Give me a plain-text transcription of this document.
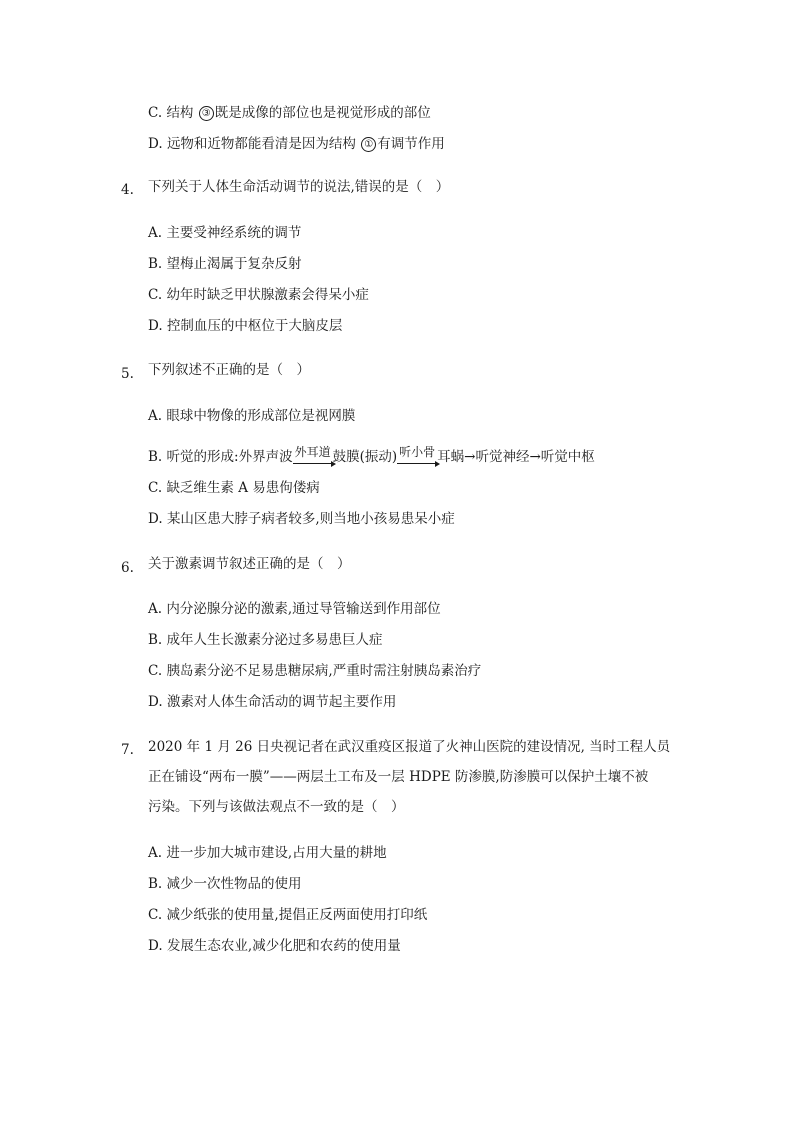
C. 结构 ③ 既是成像的部位也是视觉形成的部位
D. 远物和近物都能看清是因为结构 ① 有调节作用
4. 下列关于人体生命活动调节的说法,错误的是（　）
A. 主要受神经系统的调节
B. 望梅止渴属于复杂反射
C. 幼年时缺乏甲状腺激素会得呆小症
D. 控制血压的中枢位于大脑皮层
5. 下列叙述不正确的是（　）
A. 眼球中物像的形成部位是视网膜
B. 听觉的形成:外界声波 外耳道 鼓膜(振动) 听小骨 耳蜗→听觉神经→听觉中枢
C. 缺乏维生素 A 易患佝偻病
D. 某山区患大脖子病者较多,则当地小孩易患呆小症
6. 关于激素调节叙述正确的是（　）
A. 内分泌腺分泌的激素,通过导管输送到作用部位
B. 成年人生长激素分泌过多易患巨人症
C. 胰岛素分泌不足易患糖尿病,严重时需注射胰岛素治疗
D. 激素对人体生命活动的调节起主要作用
7. 2020 年 1 月 26 日央视记者在武汉重疫区报道了火神山医院的建设情况, 当时工程人员
正在铺设“两布一膜”——两层土工布及一层 HDPE 防渗膜,防渗膜可以保护土壤不被
污染。下列与该做法观点不一致的是（　）
A. 进一步加大城市建设,占用大量的耕地
B. 减少一次性物品的使用
C. 减少纸张的使用量,提倡正反两面使用打印纸
D. 发展生态农业,减少化肥和农药的使用量
